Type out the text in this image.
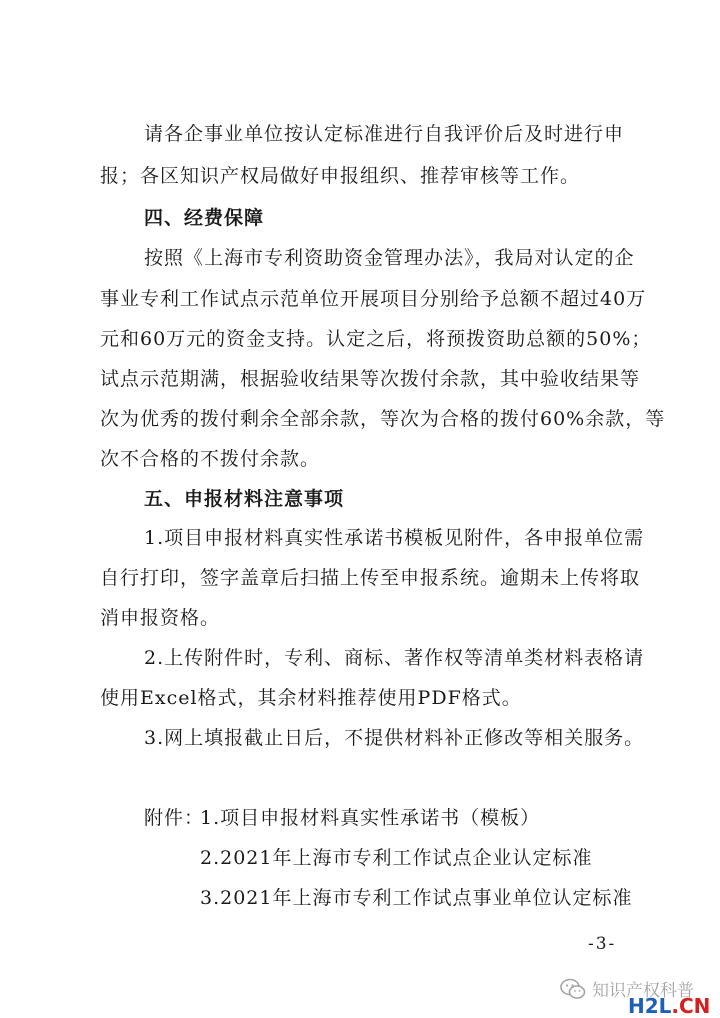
请各企事业单位按认定标准进行自我评价后及时进行申
报；各区知识产权局做好申报组织、推荐审核等工作。
四、经费保障
按照《上海市专利资助资金管理办法》，我局对认定的企
事业专利工作试点示范单位开展项目分别给予总额不超过40万
元和60万元的资金支持。认定之后，将预拨资助总额的50%；
试点示范期满，根据验收结果等次拨付余款，其中验收结果等
次为优秀的拨付剩余全部余款，等次为合格的拨付60%余款，等
次不合格的不拨付余款。
五、申报材料注意事项
1.项目申报材料真实性承诺书模板见附件，各申报单位需
自行打印，签字盖章后扫描上传至申报系统。逾期未上传将取
消申报资格。
2.上传附件时，专利、商标、著作权等清单类材料表格请
使用Excel格式，其余材料推荐使用PDF格式。
3.网上填报截止日后，不提供材料补正修改等相关服务。
附件：
1.项目申报材料真实性承诺书（模板）
2.2021年上海市专利工作试点企业认定标准
3.2021年上海市专利工作试点事业单位认定标准
-3-
知识产权科普
H2L.CN
